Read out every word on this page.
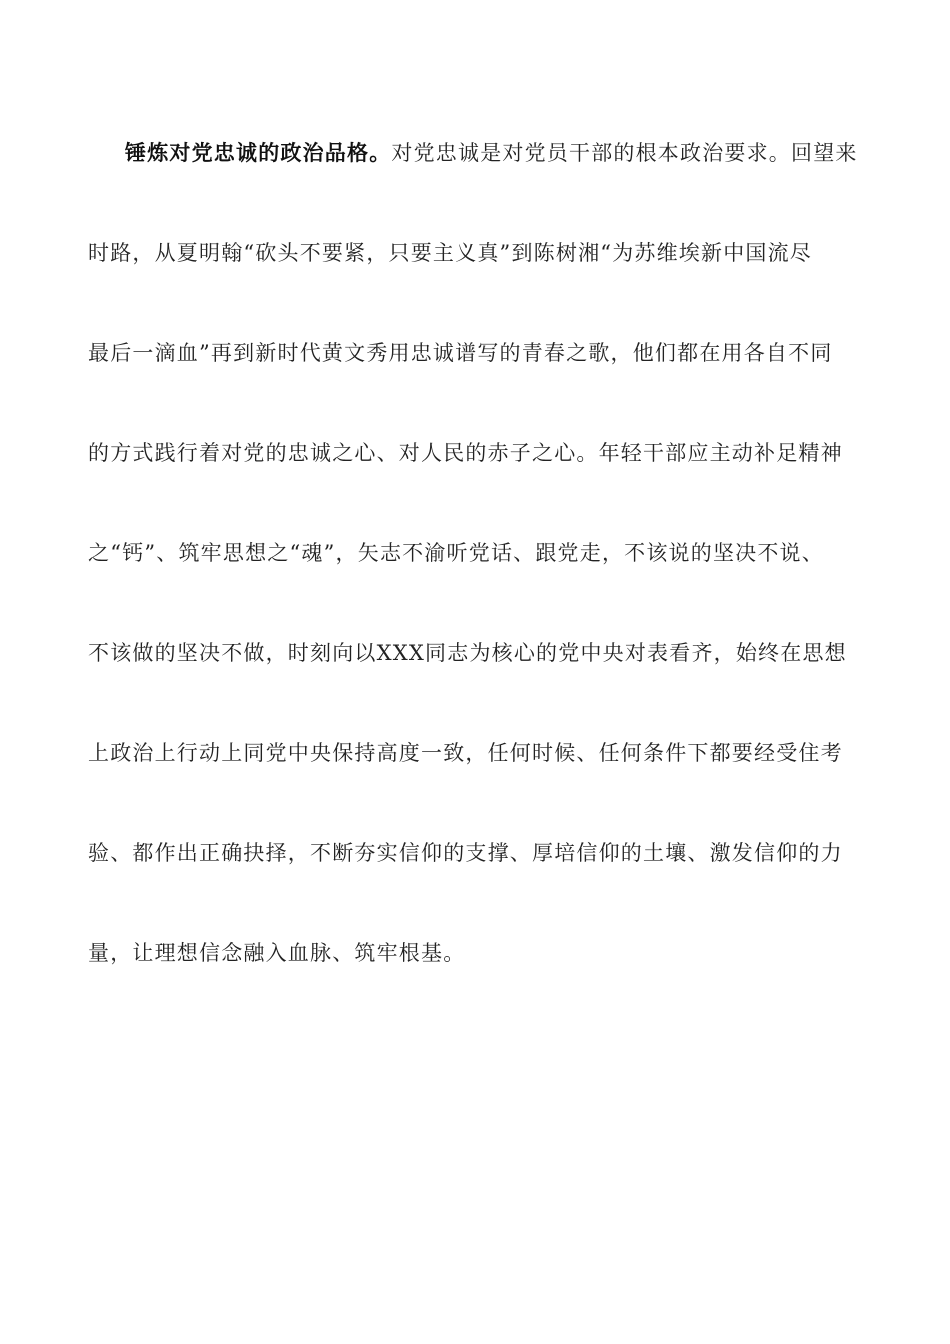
锤炼对党忠诚的政治品格。对党忠诚是对党员干部的根本政治要求。回望来
时路，从夏明翰“砍头不要紧，只要主义真”到陈树湘“为苏维埃新中国流尽
最后一滴血”再到新时代黄文秀用忠诚谱写的青春之歌，他们都在用各自不同
的方式践行着对党的忠诚之心、对人民的赤子之心。年轻干部应主动补足精神
之“钙”、筑牢思想之“魂”，矢志不渝听党话、跟党走，不该说的坚决不说、
不该做的坚决不做，时刻向以XXX同志为核心的党中央对表看齐，始终在思想
上政治上行动上同党中央保持高度一致，任何时候、任何条件下都要经受住考
验、都作出正确抉择，不断夯实信仰的支撑、厚培信仰的土壤、激发信仰的力
量，让理想信念融入血脉、筑牢根基。
